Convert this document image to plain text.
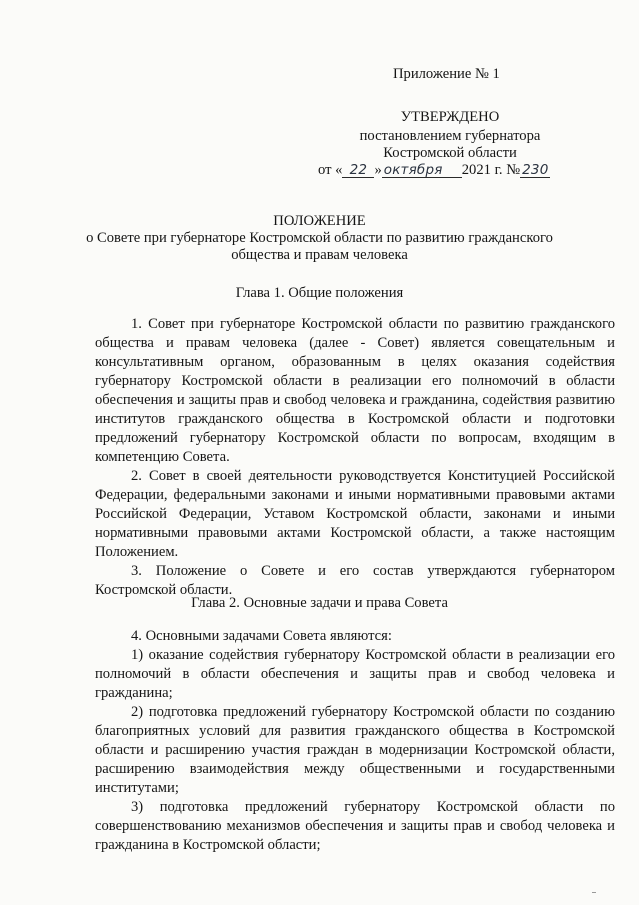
Приложение № 1
УТВЕРЖДЕНО
постановлением губернатора
Костромской области
от « 22 » октября 2021 г. № 230
ПОЛОЖЕНИЕ
о Совете при губернаторе Костромской области по развитию гражданского
общества и правам человека
Глава 1. Общие положения

1. Совет при губернаторе Костромской области по развитию гражданского общества и правам человека (далее - Совет) является совещательным и консультативным органом, образованным в целях оказания содействия губернатору Костромской области в реализации его полномочий в области обеспечения и защиты прав и свобод человека и гражданина, содействия развитию институтов гражданского общества в Костромской области и подготовки предложений губернатору Костромской области по вопросам, входящим в компетенцию Совета.

2. Совет в своей деятельности руководствуется Конституцией Российской Федерации, федеральными законами и иными нормативными правовыми актами Российской Федерации, Уставом Костромской области, законами и иными нормативными правовыми актами Костромской области, а также настоящим Положением.

3. Положение о Совете и его состав утверждаются губернатором Костромской области.

Глава 2. Основные задачи и права Совета

4. Основными задачами Совета являются:

1) оказание содействия губернатору Костромской области в реализации его полномочий в области обеспечения и защиты прав и свобод человека и гражданина;

2) подготовка предложений губернатору Костромской области по созданию благоприятных условий для развития гражданского общества в Костромской области и расширению участия граждан в модернизации Костромской области, расширению взаимодействия между общественными и государственными институтами;

3) подготовка предложений губернатору Костромской области по совершенствованию механизмов обеспечения и защиты прав и свобод человека и гражданина в Костромской области;
